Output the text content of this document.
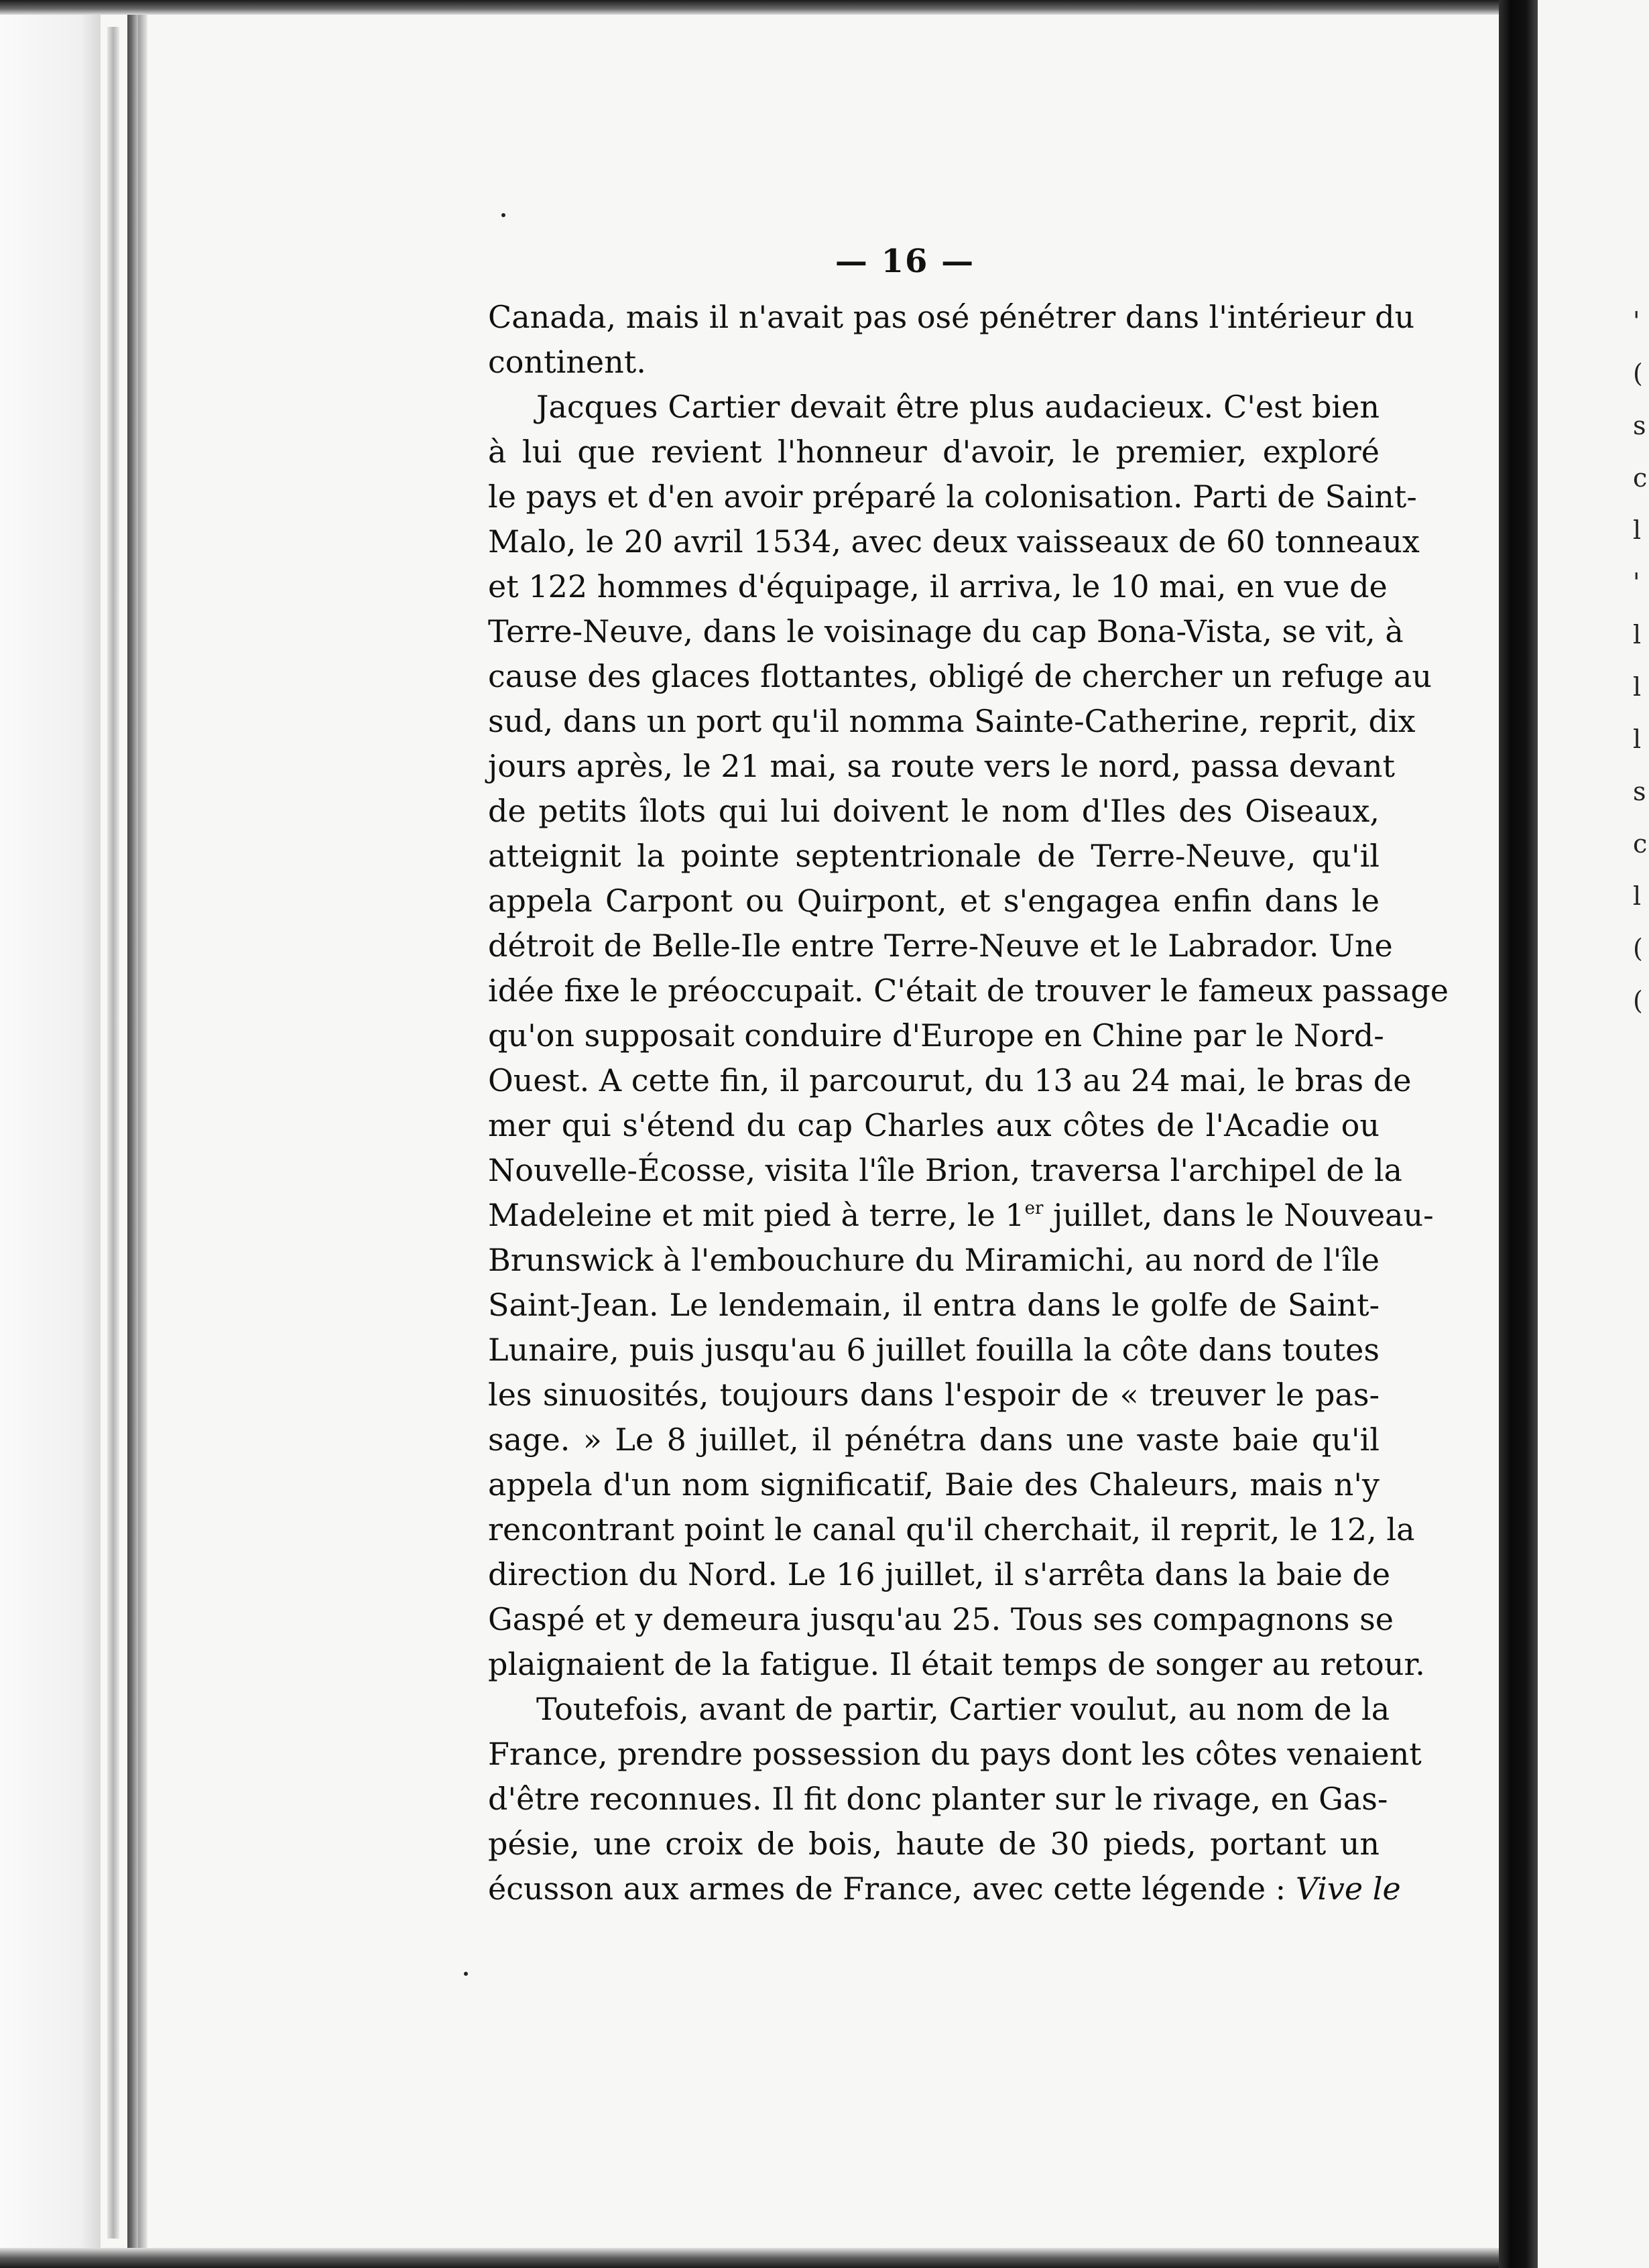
'
(
s
c
l
'
l
l
l
s
c
l
(
(
— 16 —
Canada, mais il n'avait pas osé pénétrer dans l'intérieur du
continent.
Jacques Cartier devait être plus audacieux. C'est bien
à lui que revient l'honneur d'avoir, le premier, exploré
le pays et d'en avoir préparé la colonisation. Parti de Saint-
Malo, le 20 avril 1534, avec deux vaisseaux de 60 tonneaux
et 122 hommes d'équipage, il arriva, le 10 mai, en vue de
Terre-Neuve, dans le voisinage du cap Bona-Vista, se vit, à
cause des glaces flottantes, obligé de chercher un refuge au
sud, dans un port qu'il nomma Sainte-Catherine, reprit, dix
jours après, le 21 mai, sa route vers le nord, passa devant
de petits îlots qui lui doivent le nom d'Iles des Oiseaux,
atteignit la pointe septentrionale de Terre-Neuve, qu'il
appela Carpont ou Quirpont, et s'engagea enfin dans le
détroit de Belle-Ile entre Terre-Neuve et le Labrador. Une
idée fixe le préoccupait. C'était de trouver le fameux passage
qu'on supposait conduire d'Europe en Chine par le Nord-
Ouest. A cette fin, il parcourut, du 13 au 24 mai, le bras de
mer qui s'étend du cap Charles aux côtes de l'Acadie ou
Nouvelle-Écosse, visita l'île Brion, traversa l'archipel de la
Madeleine et mit pied à terre, le 1er juillet, dans le Nouveau-
Brunswick à l'embouchure du Miramichi, au nord de l'île
Saint-Jean. Le lendemain, il entra dans le golfe de Saint-
Lunaire, puis jusqu'au 6 juillet fouilla la côte dans toutes
les sinuosités, toujours dans l'espoir de « treuver le pas-
sage. » Le 8 juillet, il pénétra dans une vaste baie qu'il
appela d'un nom significatif, Baie des Chaleurs, mais n'y
rencontrant point le canal qu'il cherchait, il reprit, le 12, la
direction du Nord. Le 16 juillet, il s'arrêta dans la baie de
Gaspé et y demeura jusqu'au 25. Tous ses compagnons se
plaignaient de la fatigue. Il était temps de songer au retour.
Toutefois, avant de partir, Cartier voulut, au nom de la
France, prendre possession du pays dont les côtes venaient
d'être reconnues. Il fit donc planter sur le rivage, en Gas-
pésie, une croix de bois, haute de 30 pieds, portant un
écusson aux armes de France, avec cette légende : Vive le
